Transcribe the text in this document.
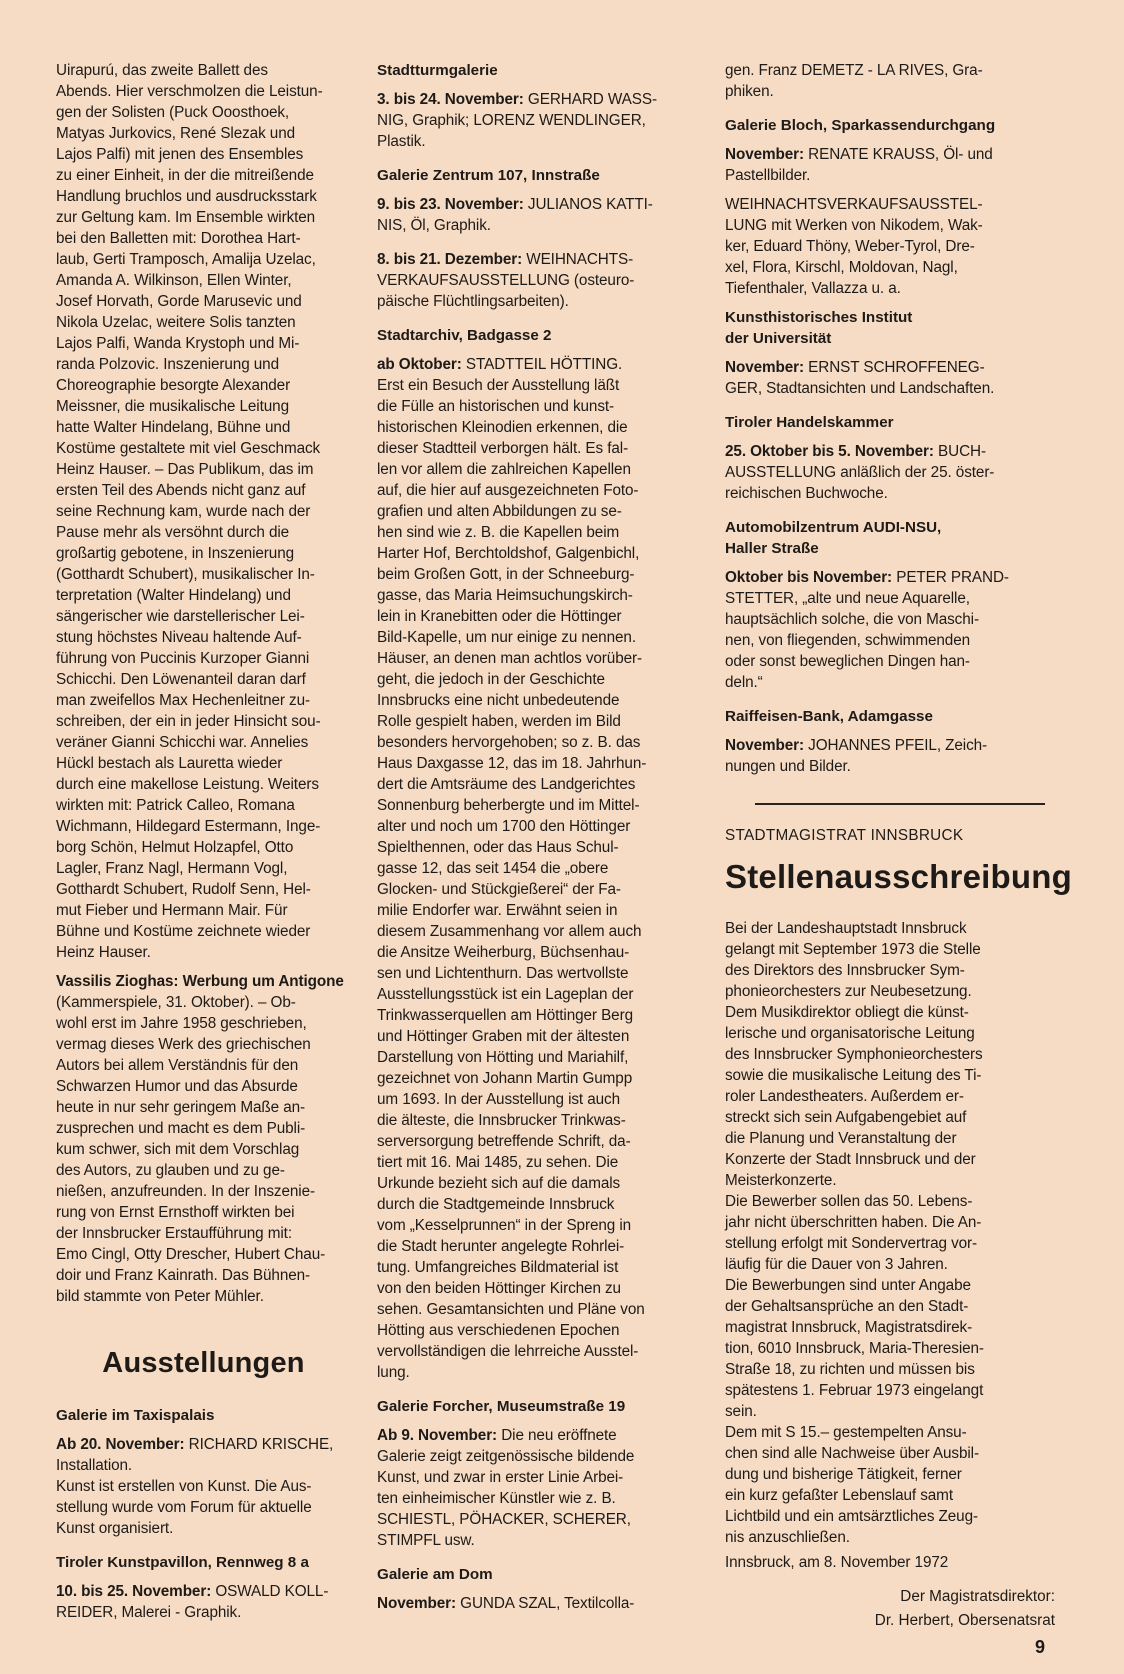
Uirapurú, das zweite Ballett des
Abends. Hier verschmolzen die Leistun-
gen der Solisten (Puck Ooosthoek,
Matyas Jurkovics, René Slezak und
Lajos Palfi) mit jenen des Ensembles
zu einer Einheit, in der die mitreißende
Handlung bruchlos und ausdrucksstark
zur Geltung kam. Im Ensemble wirkten
bei den Balletten mit: Dorothea Hart-
laub, Gerti Tramposch, Amalija Uzelac,
Amanda A. Wilkinson, Ellen Winter,
Josef Horvath, Gorde Marusevic und
Nikola Uzelac, weitere Solis tanzten
Lajos Palfi, Wanda Krystoph und Mi-
randa Polzovic. Inszenierung und
Choreographie besorgte Alexander
Meissner, die musikalische Leitung
hatte Walter Hindelang, Bühne und
Kostüme gestaltete mit viel Geschmack
Heinz Hauser. – Das Publikum, das im
ersten Teil des Abends nicht ganz auf
seine Rechnung kam, wurde nach der
Pause mehr als versöhnt durch die
großartig gebotene, in Inszenierung
(Gotthardt Schubert), musikalischer In-
terpretation (Walter Hindelang) und
sängerischer wie darstellerischer Lei-
stung höchstes Niveau haltende Auf-
führung von Puccinis Kurzoper Gianni
Schicchi. Den Löwenanteil daran darf
man zweifellos Max Hechenleitner zu-
schreiben, der ein in jeder Hinsicht sou-
veräner Gianni Schicchi war. Annelies
Hückl bestach als Lauretta wieder
durch eine makellose Leistung. Weiters
wirkten mit: Patrick Calleo, Romana
Wichmann, Hildegard Estermann, Inge-
borg Schön, Helmut Holzapfel, Otto
Lagler, Franz Nagl, Hermann Vogl,
Gotthardt Schubert, Rudolf Senn, Hel-
mut Fieber und Hermann Mair. Für
Bühne und Kostüme zeichnete wieder
Heinz Hauser.

Vassilis Zioghas: Werbung um Antigone
(Kammerspiele, 31. Oktober). – Ob-
wohl erst im Jahre 1958 geschrieben,
vermag dieses Werk des griechischen
Autors bei allem Verständnis für den
Schwarzen Humor und das Absurde
heute in nur sehr geringem Maße an-
zusprechen und macht es dem Publi-
kum schwer, sich mit dem Vorschlag
des Autors, zu glauben und zu ge-
nießen, anzufreunden. In der Inszenie-
rung von Ernst Ernsthoff wirkten bei
der Innsbrucker Erstaufführung mit:
Emo Cingl, Otty Drescher, Hubert Chau-
doir und Franz Kainrath. Das Bühnen-
bild stammte von Peter Mühler.

Ausstellungen
Galerie im Taxispalais

Ab 20. November: RICHARD KRISCHE,
Installation.
Kunst ist erstellen von Kunst. Die Aus-
stellung wurde vom Forum für aktuelle
Kunst organisiert.

Tiroler Kunstpavillon, Rennweg 8 a

10. bis 25. November: OSWALD KOLL-
REIDER, Malerei - Graphik.

Stadtturmgalerie

3. bis 24. November: GERHARD WASS-
NIG, Graphik; LORENZ WENDLINGER,
Plastik.

Galerie Zentrum 107, Innstraße

9. bis 23. November: JULIANOS KATTI-
NIS, Öl, Graphik.

8. bis 21. Dezember: WEIHNACHTS-
VERKAUFSAUSSTELLUNG (osteuro-
päische Flüchtlingsarbeiten).

Stadtarchiv, Badgasse 2

ab Oktober: STADTTEIL HÖTTING.
Erst ein Besuch der Ausstellung läßt
die Fülle an historischen und kunst-
historischen Kleinodien erkennen, die
dieser Stadtteil verborgen hält. Es fal-
len vor allem die zahlreichen Kapellen
auf, die hier auf ausgezeichneten Foto-
grafien und alten Abbildungen zu se-
hen sind wie z. B. die Kapellen beim
Harter Hof, Berchtoldshof, Galgenbichl,
beim Großen Gott, in der Schneeburg-
gasse, das Maria Heimsuchungskirch-
lein in Kranebitten oder die Höttinger
Bild-Kapelle, um nur einige zu nennen.
Häuser, an denen man achtlos vorüber-
geht, die jedoch in der Geschichte
Innsbrucks eine nicht unbedeutende
Rolle gespielt haben, werden im Bild
besonders hervorgehoben; so z. B. das
Haus Daxgasse 12, das im 18. Jahrhun-
dert die Amtsräume des Landgerichtes
Sonnenburg beherbergte und im Mittel-
alter und noch um 1700 den Höttinger
Spielthennen, oder das Haus Schul-
gasse 12, das seit 1454 die „obere
Glocken- und Stückgießerei“ der Fa-
milie Endorfer war. Erwähnt seien in
diesem Zusammenhang vor allem auch
die Ansitze Weiherburg, Büchsenhau-
sen und Lichtenthurn. Das wertvollste
Ausstellungsstück ist ein Lageplan der
Trinkwasserquellen am Höttinger Berg
und Höttinger Graben mit der ältesten
Darstellung von Hötting und Mariahilf,
gezeichnet von Johann Martin Gumpp
um 1693. In der Ausstellung ist auch
die älteste, die Innsbrucker Trinkwas-
serversorgung betreffende Schrift, da-
tiert mit 16. Mai 1485, zu sehen. Die
Urkunde bezieht sich auf die damals
durch die Stadtgemeinde Innsbruck
vom „Kesselprunnen“ in der Spreng in
die Stadt herunter angelegte Rohrlei-
tung. Umfangreiches Bildmaterial ist
von den beiden Höttinger Kirchen zu
sehen. Gesamtansichten und Pläne von
Hötting aus verschiedenen Epochen
vervollständigen die lehrreiche Ausstel-
lung.

Galerie Forcher, Museumstraße 19

Ab 9. November: Die neu eröffnete
Galerie zeigt zeitgenössische bildende
Kunst, und zwar in erster Linie Arbei-
ten einheimischer Künstler wie z. B.
SCHIESTL, PÖHACKER, SCHERER,
STIMPFL usw.

Galerie am Dom

November: GUNDA SZAL, Textilcolla-

gen. Franz DEMETZ - LA RIVES, Gra-
phiken.

Galerie Bloch, Sparkassendurchgang

November: RENATE KRAUSS, Öl- und
Pastellbilder.

WEIHNACHTSVERKAUFSAUSSTEL-
LUNG mit Werken von Nikodem, Wak-
ker, Eduard Thöny, Weber-Tyrol, Dre-
xel, Flora, Kirschl, Moldovan, Nagl,
Tiefenthaler, Vallazza u. a.

Kunsthistorisches Institut
der Universität

November: ERNST SCHROFFENEG-
GER, Stadtansichten und Landschaften.

Tiroler Handelskammer

25. Oktober bis 5. November: BUCH-
AUSSTELLUNG anläßlich der 25. öster-
reichischen Buchwoche.

Automobilzentrum AUDI-NSU,
Haller Straße

Oktober bis November: PETER PRAND-
STETTER, „alte und neue Aquarelle,
hauptsächlich solche, die von Maschi-
nen, von fliegenden, schwimmenden
oder sonst beweglichen Dingen han-
deln.“

Raiffeisen-Bank, Adamgasse

November: JOHANNES PFEIL, Zeich-
nungen und Bilder.

STADTMAGISTRAT INNSBRUCK
Stellenausschreibung

Bei der Landeshauptstadt Innsbruck
gelangt mit September 1973 die Stelle
des Direktors des Innsbrucker Sym-
phonieorchesters zur Neubesetzung.

Dem Musikdirektor obliegt die künst-
lerische und organisatorische Leitung
des Innsbrucker Symphonieorchesters
sowie die musikalische Leitung des Ti-
roler Landestheaters. Außerdem er-
streckt sich sein Aufgabengebiet auf
die Planung und Veranstaltung der
Konzerte der Stadt Innsbruck und der
Meisterkonzerte.

Die Bewerber sollen das 50. Lebens-
jahr nicht überschritten haben. Die An-
stellung erfolgt mit Sondervertrag vor-
läufig für die Dauer von 3 Jahren.

Die Bewerbungen sind unter Angabe
der Gehaltsansprüche an den Stadt-
magistrat Innsbruck, Magistratsdirek-
tion, 6010 Innsbruck, Maria-Theresien-
Straße 18, zu richten und müssen bis
spätestens 1. Februar 1973 eingelangt
sein.

Dem mit S 15.– gestempelten Ansu-
chen sind alle Nachweise über Ausbil-
dung und bisherige Tätigkeit, ferner
ein kurz gefaßter Lebenslauf samt
Lichtbild und ein amtsärztliches Zeug-
nis anzuschließen.

Innsbruck, am 8. November 1972

Der Magistratsdirektor:
Dr. Herbert, Obersenatsrat
9
